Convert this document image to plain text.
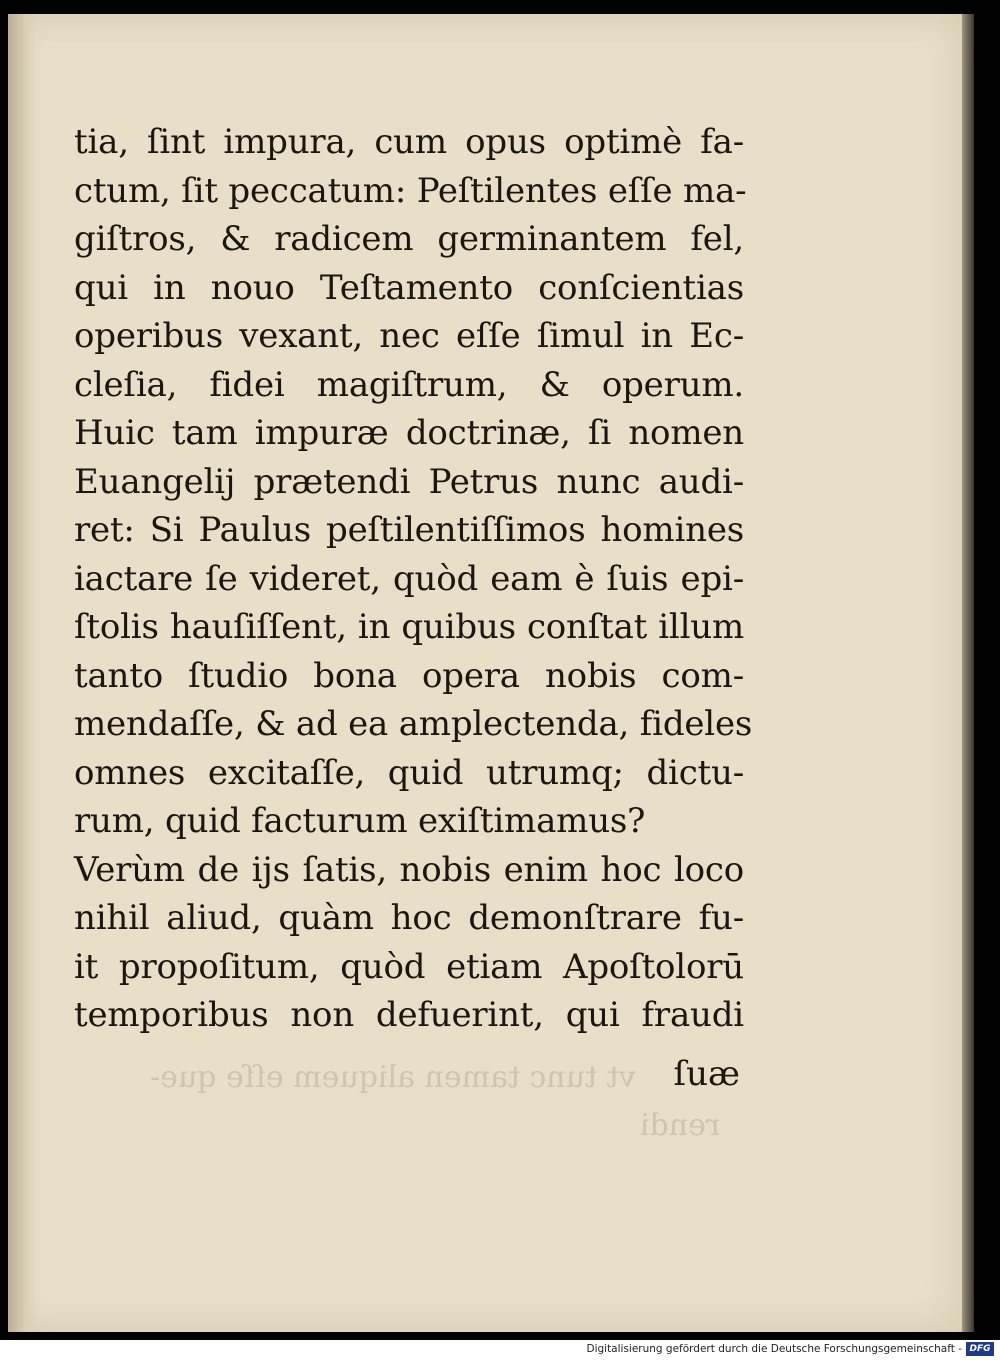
vt tunc tamen aliquem eſſe que-
rendi
tia, ſint impura, cum opus optimè fa-
ctum, ſit peccatum: Peſtilentes eſſe ma-
giſtros, & radicem germinantem fel,
qui in nouo Teſtamento conſcientias
operibus vexant, nec eſſe ſimul in Ec-
cleſia, fidei magiſtrum, & operum.
Huic tam impuræ doctrinæ, ſi nomen
Euangelij prætendi Petrus nunc audi-
ret: Si Paulus peſtilentiſſimos homines
iactare ſe videret, quòd eam è ſuis epi-
ſtolis hauſiſſent, in quibus conſtat illum
tanto ſtudio bona opera nobis com-
mendaſſe, & ad ea amplectenda, fideles
omnes excitaſſe, quid utrumq; dictu-
rum, quid facturum exiſtimamus?
Verùm de ijs ſatis, nobis enim hoc loco
nihil aliud, quàm hoc demonſtrare fu-
it propoſitum, quòd etiam Apoſtolorū
temporibus non defuerint, qui fraudi
ſuæ
Digitalisierung gefördert durch die Deutsche Forschungsgemeinschaft - DFG
